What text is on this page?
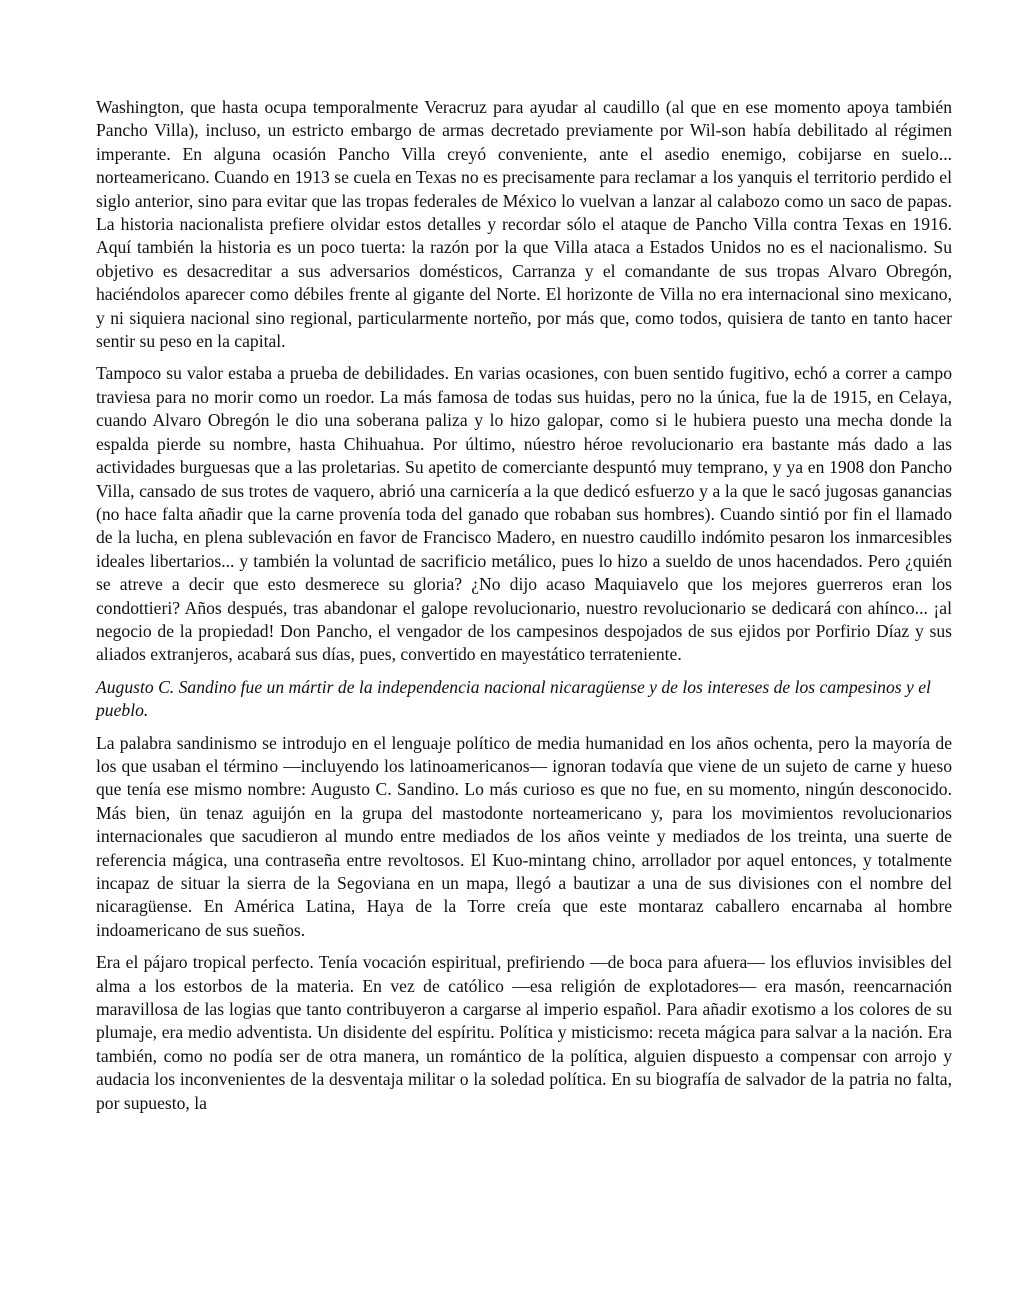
Washington, que hasta ocupa temporalmente Veracruz para ayudar al caudillo (al que en ese momento apoya también Pancho Villa), incluso, un estricto embargo de armas decretado previamente por Wil-son había debilitado al régimen imperante. En alguna ocasión Pancho Villa creyó conveniente, ante el asedio enemigo, cobijarse en suelo... norteamericano. Cuando en 1913 se cuela en Texas no es precisamente para reclamar a los yanquis el territorio perdido el siglo anterior, sino para evitar que las tropas federales de México lo vuelvan a lanzar al calabozo como un saco de papas. La historia nacionalista prefiere olvidar estos detalles y recordar sólo el ataque de Pancho Villa contra Texas en 1916. Aquí también la historia es un poco tuerta: la razón por la que Villa ataca a Estados Unidos no es el nacionalismo. Su objetivo es desacreditar a sus adversarios domésticos, Carranza y el comandante de sus tropas Alvaro Obregón, haciéndolos aparecer como débiles frente al gigante del Norte. El horizonte de Villa no era internacional sino mexicano, y ni siquiera nacional sino regional, particularmente norteño, por más que, como todos, quisiera de tanto en tanto hacer sentir su peso en la capital.

Tampoco su valor estaba a prueba de debilidades. En varias ocasiones, con buen sentido fugitivo, echó a correr a campo traviesa para no morir como un roedor. La más famosa de todas sus huidas, pero no la única, fue la de 1915, en Celaya, cuando Alvaro Obregón le dio una soberana paliza y lo hizo galopar, como si le hubiera puesto una mecha donde la espalda pierde su nombre, hasta Chihuahua. Por último, núestro héroe revolucionario era bastante más dado a las actividades burguesas que a las proletarias. Su apetito de comerciante despuntó muy temprano, y ya en 1908 don Pancho Villa, cansado de sus trotes de vaquero, abrió una carnicería a la que dedicó esfuerzo y a la que le sacó jugosas ganancias (no hace falta añadir que la carne provenía toda del ganado que robaban sus hombres). Cuando sintió por fin el llamado de la lucha, en plena sublevación en favor de Francisco Madero, en nuestro caudillo indómito pesaron los inmarcesibles ideales libertarios... y también la voluntad de sacrificio metálico, pues lo hizo a sueldo de unos hacendados. Pero ¿quién se atreve a decir que esto desmerece su gloria? ¿No dijo acaso Maquiavelo que los mejores guerreros eran los condottieri? Años después, tras abandonar el galope revolucionario, nuestro revolucionario se dedicará con ahínco... ¡al negocio de la propiedad! Don Pancho, el vengador de los campesinos despojados de sus ejidos por Porfirio Díaz y sus aliados extranjeros, acabará sus días, pues, convertido en mayestático terrateniente.

Augusto C. Sandino fue un mártir de la independencia nacional nicaragüense y de los intereses de los campesinos y el pueblo.

La palabra sandinismo se introdujo en el lenguaje político de media humanidad en los años ochenta, pero la mayoría de los que usaban el término —incluyendo los latinoamericanos— ignoran todavía que viene de un sujeto de carne y hueso que tenía ese mismo nombre: Augusto C. Sandino. Lo más curioso es que no fue, en su momento, ningún desconocido. Más bien, ün tenaz aguijón en la grupa del mastodonte norteamericano y, para los movimientos revolucionarios internacionales que sacudieron al mundo entre mediados de los años veinte y mediados de los treinta, una suerte de referencia mágica, una contraseña entre revoltosos. El Kuo-mintang chino, arrollador por aquel entonces, y totalmente incapaz de situar la sierra de la Segoviana en un mapa, llegó a bautizar a una de sus divisiones con el nombre del nicaragüense. En América Latina, Haya de la Torre creía que este montaraz caballero encarnaba al hombre indoamericano de sus sueños.

Era el pájaro tropical perfecto. Tenía vocación espiritual, prefiriendo —de boca para afuera— los efluvios invisibles del alma a los estorbos de la materia. En vez de católico —esa religión de explotadores— era masón, reencarnación maravillosa de las logias que tanto contribuyeron a cargarse al imperio español. Para añadir exotismo a los colores de su plumaje, era medio adventista. Un disidente del espíritu. Política y misticismo: receta mágica para salvar a la nación. Era también, como no podía ser de otra manera, un romántico de la política, alguien dispuesto a compensar con arrojo y audacia los inconvenientes de la desventaja militar o la soledad política. En su biografía de salvador de la patria no falta, por supuesto, la
